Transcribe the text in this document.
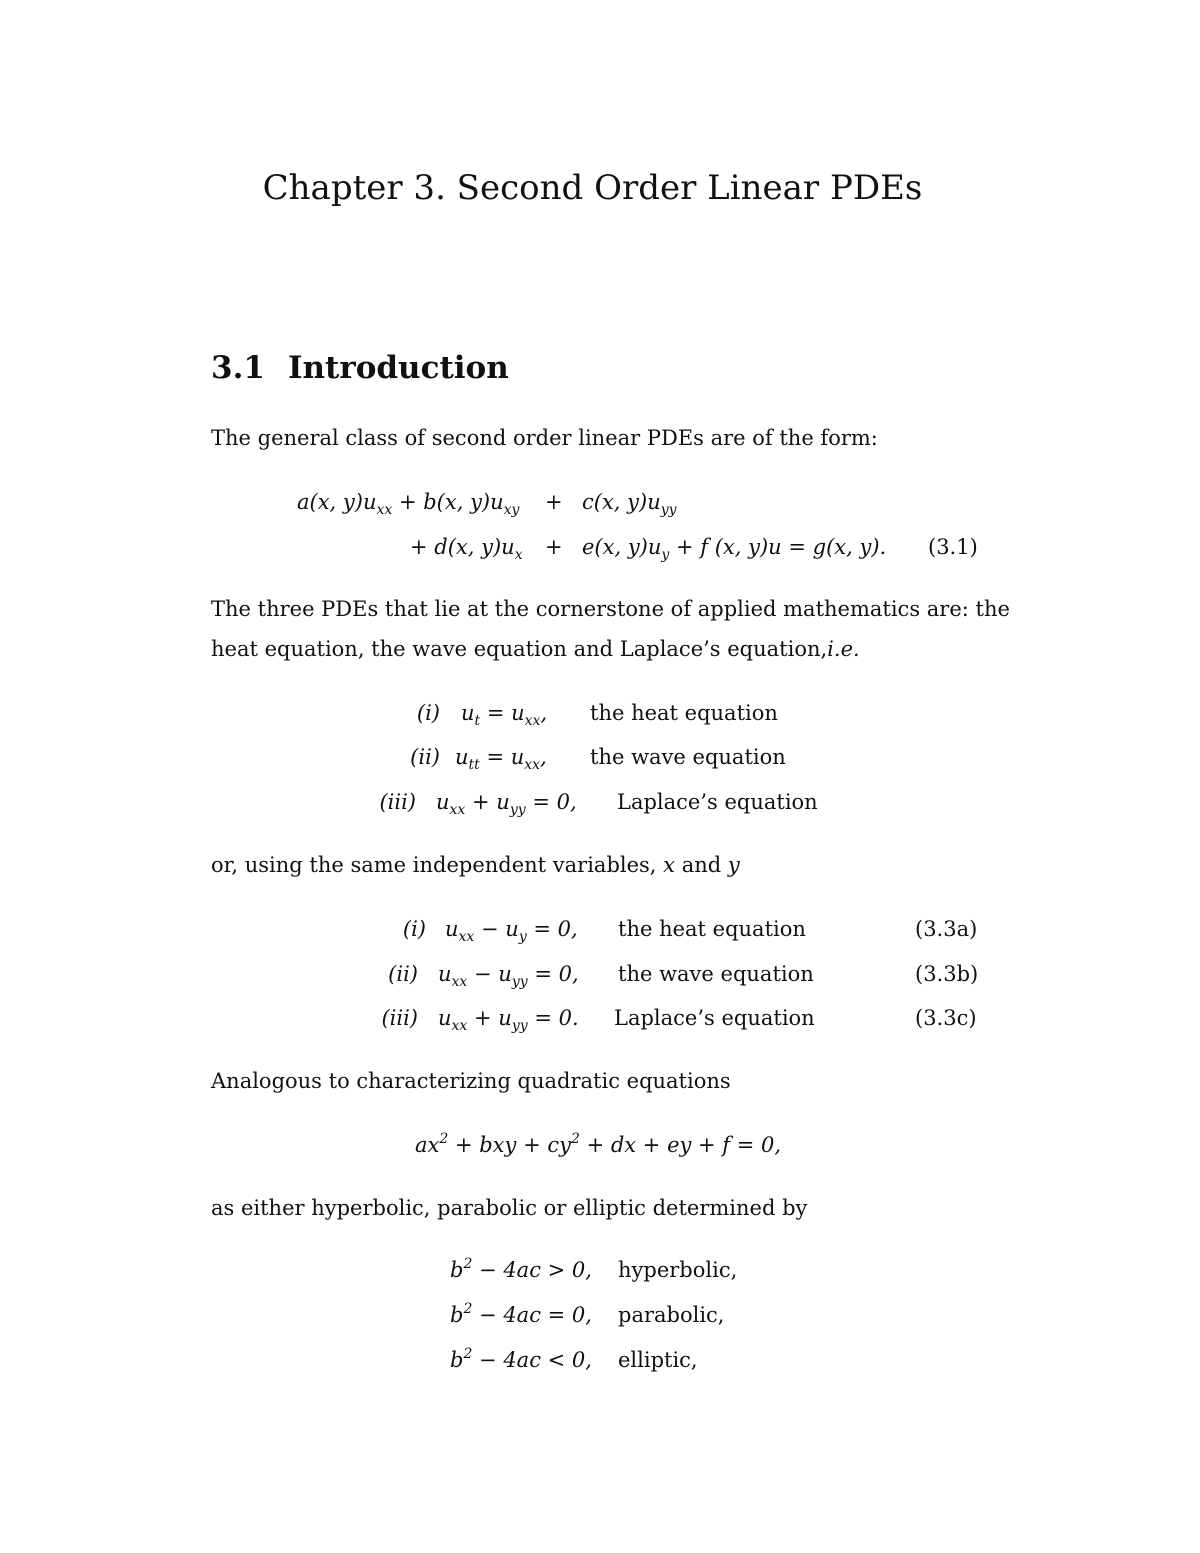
Chapter 3. Second Order Linear PDEs
3.1 Introduction
The general class of second order linear PDEs are of the form:
a(x, $y)u_{xx} + b(x$, $y)u_{xy} + c(x$, $y)u_{yy}$
+ d(x, $y)u_x + e(x$, $y)u_y + f$ (x, y)u = g(x, y). (3.1)
The three PDEs that lie at the cornerstone of applied mathematics are: the
heat equation, the wave equation and Laplace’s equation,i.e.
(i) $u_t = u_{xx}$, the heat equation
(ii) $u_{tt} = u_{xx}$, the wave equation
(iii) $u_{xx} + u_{yy} = 0$, Laplace’s equation
or, using the same independent variables, x and y
(i) $u_{xx} - u_y = 0$, the heat equation	(3.3a)
(ii) $u_{xx} - u_{yy} = 0$, the wave equation	(3.3b)
(iii) $u_{xx} + u_{yy} = 0$. Laplace’s equation	(3.3c)
Analogous to characterizing quadratic equations
$ax^2$ + bxy + $cy^2$ + dx + ey + f = 0,
as either hyperbolic, parabolic or elliptic determined by
$b^2 - 4ac > 0$, hyperbolic,
$b^2 - 4ac = 0$, parabolic,
$b^2 - 4ac < 0$, elliptic,
